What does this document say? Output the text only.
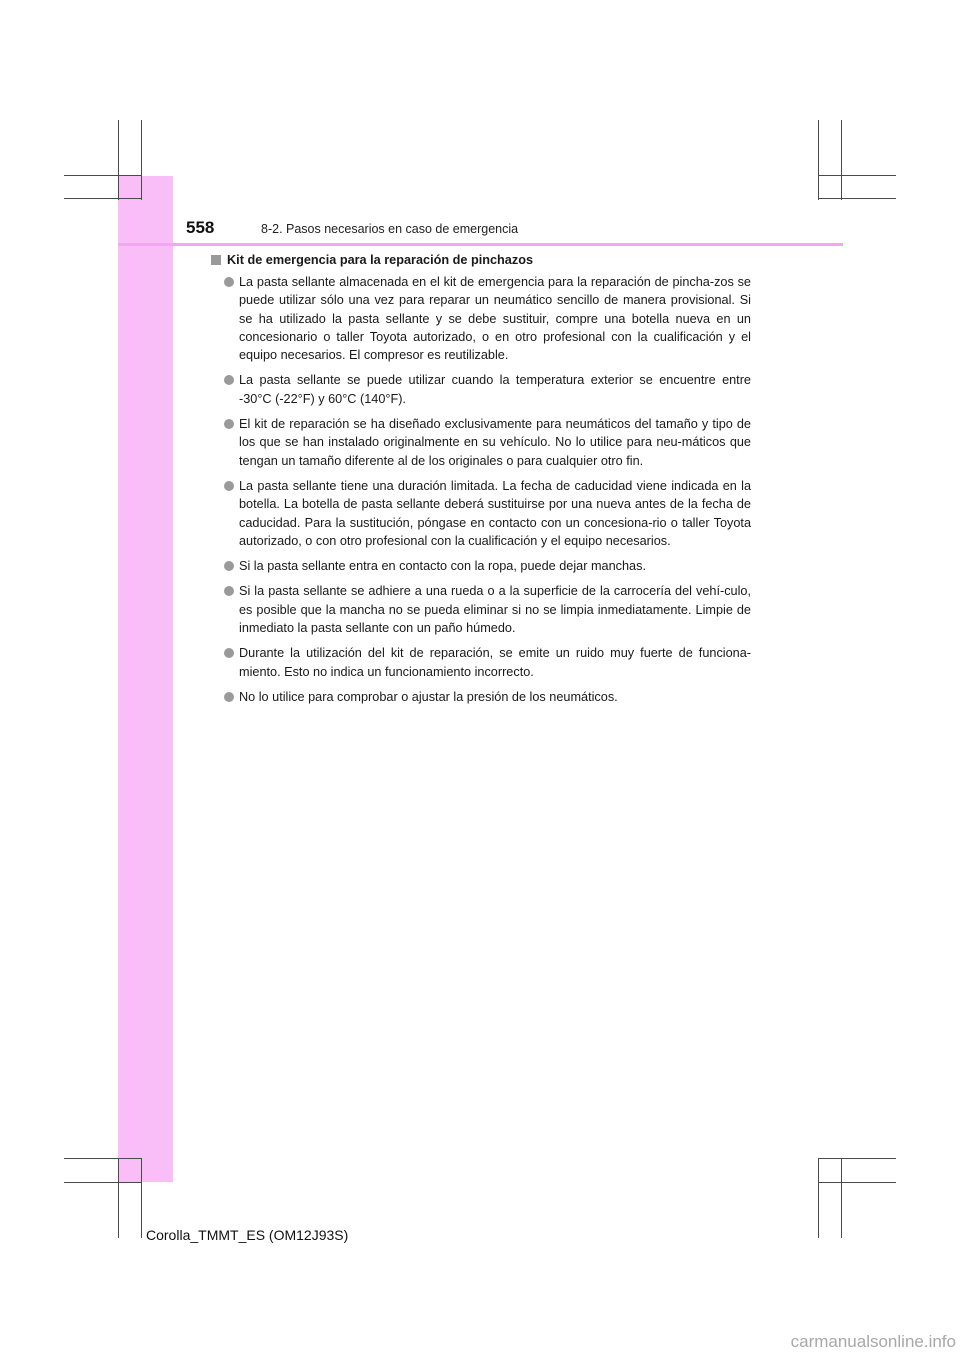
558	8-2. Pasos necesarios en caso de emergencia
Kit de emergencia para la reparación de pinchazos
La pasta sellante almacenada en el kit de emergencia para la reparación de pincha-zos se puede utilizar sólo una vez para reparar un neumático sencillo de manera provisional. Si se ha utilizado la pasta sellante y se debe sustituir, compre una botella nueva en un concesionario o taller Toyota autorizado, o en otro profesional con la cualificación y el equipo necesarios. El compresor es reutilizable.
La pasta sellante se puede utilizar cuando la temperatura exterior se encuentre entre -30°C (-22°F) y 60°C (140°F).
El kit de reparación se ha diseñado exclusivamente para neumáticos del tamaño y tipo de los que se han instalado originalmente en su vehículo. No lo utilice para neu-máticos que tengan un tamaño diferente al de los originales o para cualquier otro fin.
La pasta sellante tiene una duración limitada. La fecha de caducidad viene indicada en la botella. La botella de pasta sellante deberá sustituirse por una nueva antes de la fecha de caducidad. Para la sustitución, póngase en contacto con un concesiona-rio o taller Toyota autorizado, o con otro profesional con la cualificación y el equipo necesarios.
Si la pasta sellante entra en contacto con la ropa, puede dejar manchas.
Si la pasta sellante se adhiere a una rueda o a la superficie de la carrocería del vehí-culo, es posible que la mancha no se pueda eliminar si no se limpia inmediatamente. Limpie de inmediato la pasta sellante con un paño húmedo.
Durante la utilización del kit de reparación, se emite un ruido muy fuerte de funciona-miento. Esto no indica un funcionamiento incorrecto.
No lo utilice para comprobar o ajustar la presión de los neumáticos.
Corolla_TMMT_ES (OM12J93S)
carmanualsonline.info
